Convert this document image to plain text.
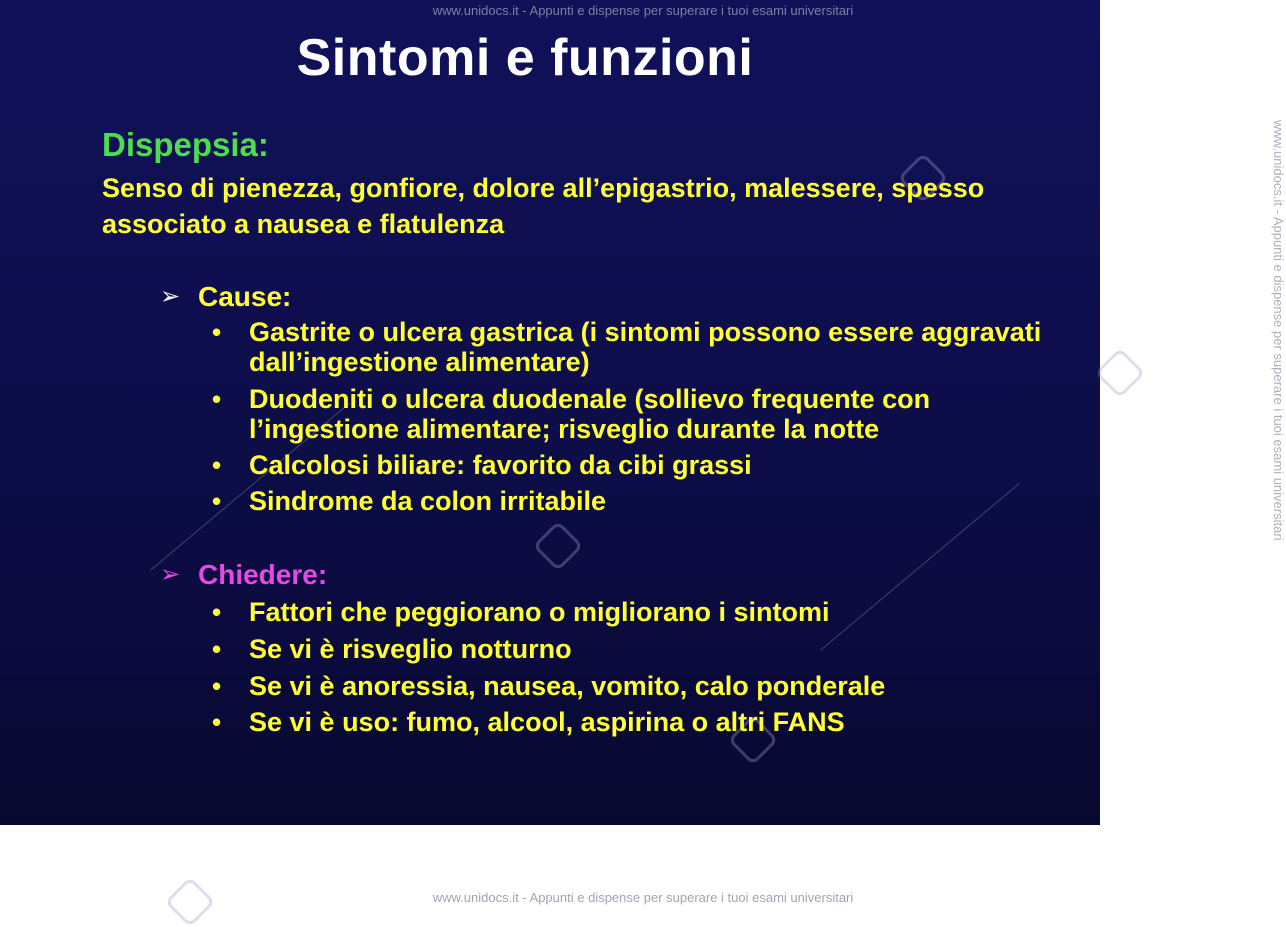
Sintomi e funzioni
Dispepsia:
Senso di pienezza, gonfiore, dolore all’epigastrio, malessere, spesso associato a nausea e flatulenza
➢ Cause:
• Gastrite o ulcera gastrica (i sintomi possono essere aggravati dall’ingestione alimentare)
• Duodeniti o ulcera duodenale (sollievo frequente con l’ingestione alimentare; risveglio durante la notte
• Calcolosi biliare: favorito da cibi grassi
• Sindrome da colon irritabile
➢ Chiedere:
• Fattori che peggiorano o migliorano i sintomi
• Se vi è risveglio notturno
• Se vi è anoressia, nausea, vomito, calo ponderale
• Se vi è uso: fumo, alcool, aspirina o altri FANS
www.unidocs.it - Appunti e dispense per superare i tuoi esami universitari
www.unidocs.it - Appunti e dispense per superare i tuoi esami universitari
www.unidocs.it - Appunti e dispense per superare i tuoi esami universitari
